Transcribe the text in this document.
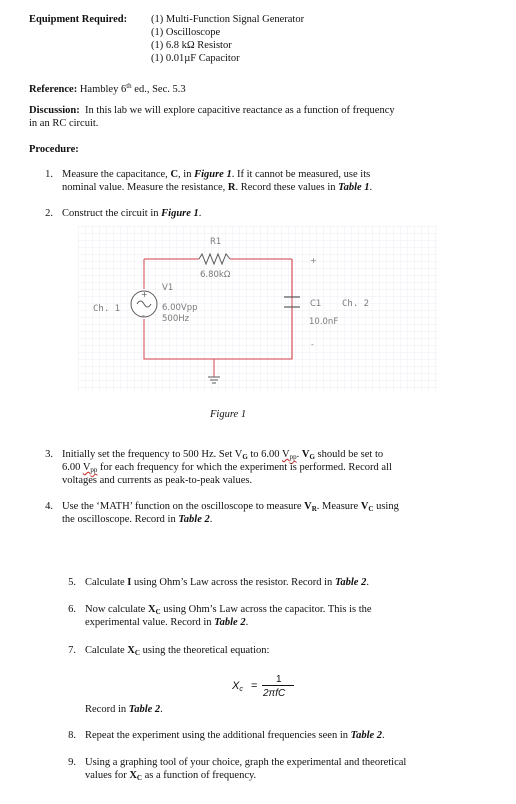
Equipment Required: (1) Multi-Function Signal Generator
(1) Oscilloscope
(1) 6.8 kΩ Resistor
(1) 0.01µF Capacitor
Reference: Hambley 6th ed., Sec. 5.3
Discussion: In this lab we will explore capacitive reactance as a function of frequency
in an RC circuit.
Procedure:
1. Measure the capacitance, C, in Figure 1. If it cannot be measured, use its
nominal value. Measure the resistance, R. Record these values in Table 1.
2. Construct the circuit in Figure 1.
R1
6.80kΩ
+
-
V1
6.00Vpp
500Hz
Ch. 1
+
C1 Ch. 2
10.0nF
-
Figure 1
3. Initially set the frequency to 500 Hz. Set $V_G$ to 6.00 $V_{pp}$. $V_G$ should be set to
6.00 $V_{pp}$ for each frequency for which the experiment is performed. Record all
voltages and currents as peak-to-peak values.
4. Use the ‘MATH’ function on the oscilloscope to measure $V_R$. Measure $V_C$ using
the oscilloscope. Record in Table 2.
5. Calculate I using Ohm’s Law across the resistor. Record in Table 2.
6. Now calculate $X_C$ using Ohm’s Law across the capacitor. This is the
experimental value. Record in Table 2.
7. Calculate $X_C$ using the theoretical equation:
$X_c$ =
1
2πfC
Record in Table 2.
8. Repeat the experiment using the additional frequencies seen in Table 2.
9. Using a graphing tool of your choice, graph the experimental and theoretical
values for $X_C$ as a function of frequency.
